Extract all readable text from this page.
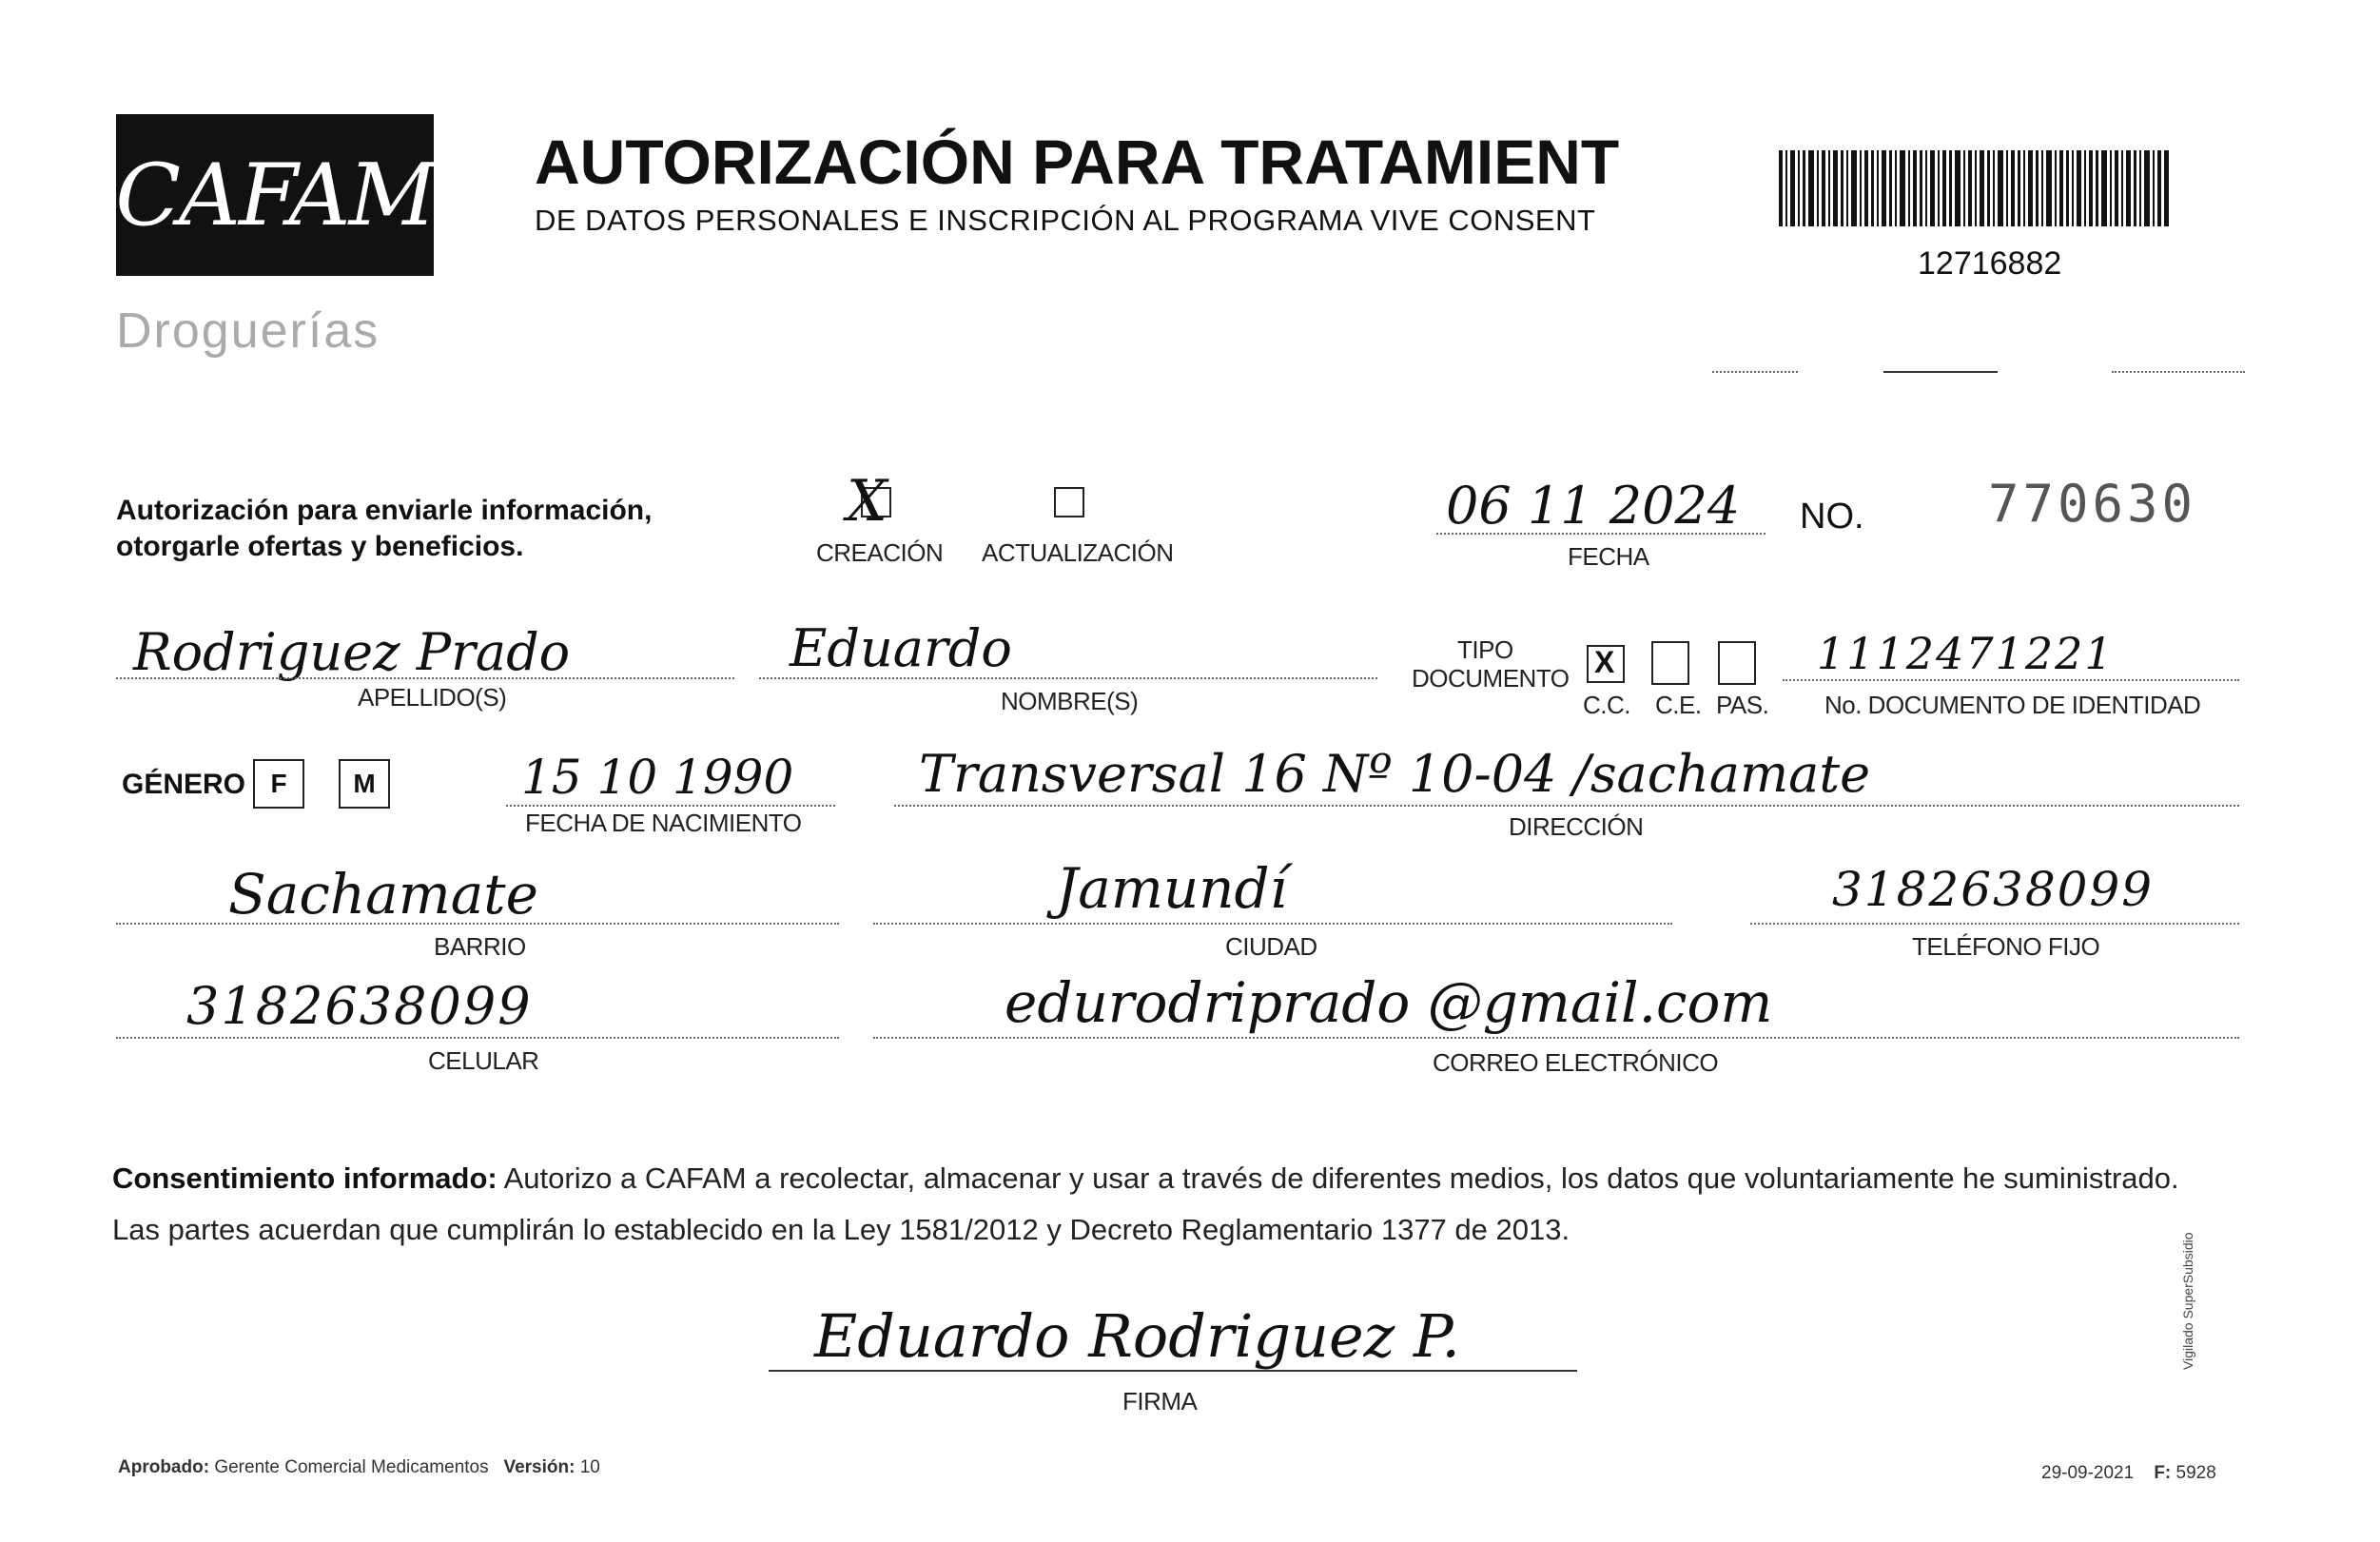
CAFAM
Droguerías
AUTORIZACIÓN PARA TRATAMIENT
DE DATOS PERSONALES E INSCRIPCIÓN AL PROGRAMA VIVE CONSENT
12716882
Autorización para enviarle información,
otorgarle ofertas y beneficios.
X
CREACIÓN ACTUALIZACIÓN
06 11 2024
FECHA
NO. 770630
Rodriguez Prado
APELLIDO(S)
Eduardo
NOMBRE(S)
TIPO
DOCUMENTO X
C.C. C.E. PAS.
1112471221
No. DOCUMENTO DE IDENTIDAD
GÉNERO F	M	15 10 1990
FECHA DE NACIMIENTO
Transversal 16 Nº 10-04 /sachamate
DIRECCIÓN
Sachamate
BARRIO
Jamundí
CIUDAD
3182638099
TELÉFONO FIJO
3182638099
CELULAR
edurodriprado @gmail.com
CORREO ELECTRÓNICO
Consentimiento informado: Autorizo a CAFAM a recolectar, almacenar y usar a través de diferentes medios, los datos que voluntariamente he suministrado.
Las partes acuerdan que cumplirán lo establecido en la Ley 1581/2012 y Decreto Reglamentario 1377 de 2013.
Eduardo Rodriguez P.
FIRMA
Aprobado: Gerente Comercial Medicamentos Versión: 10	29-09-2021 F: 5928
Vigilado SuperSubsidio
